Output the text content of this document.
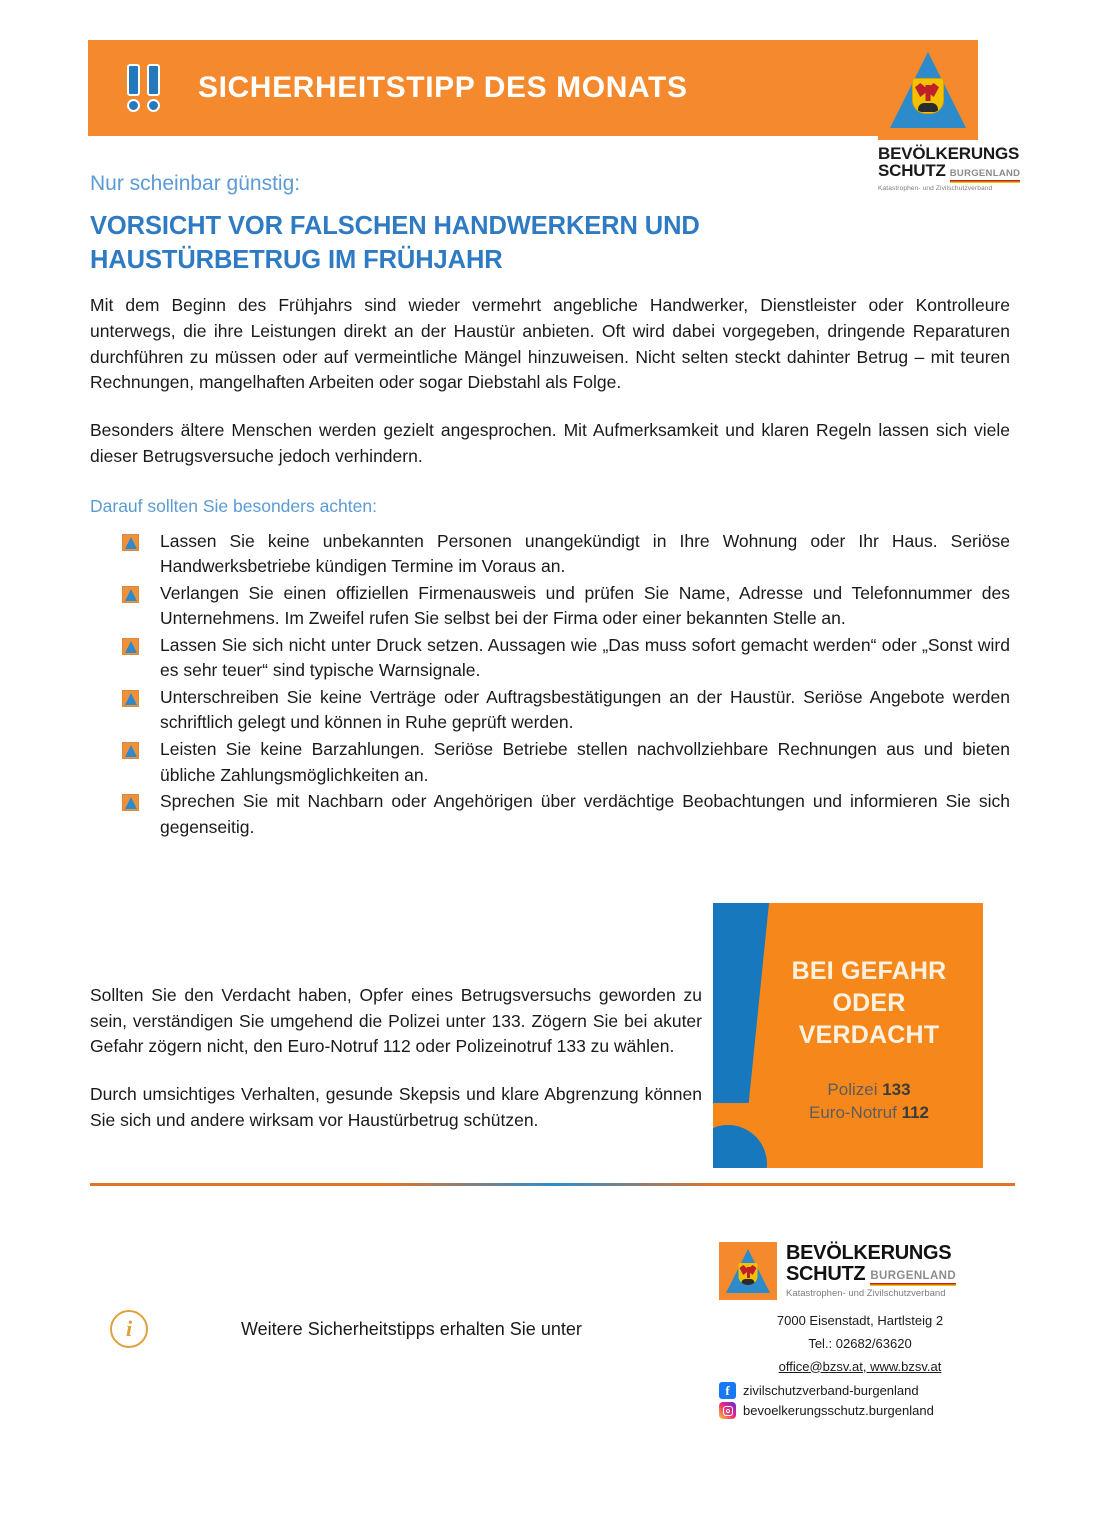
SICHERHEITSTIPP DES MONATS
BEVÖLKERUNGS
SCHUTZ BURGENLAND
Katastrophen- und Zivilschutzverband

Nur scheinbar günstig:

VORSICHT VOR FALSCHEN HANDWERKERN UND
HAUSTÜRBETRUG IM FRÜHJAHR

Mit dem Beginn des Frühjahrs sind wieder vermehrt angebliche Handwerker, Dienstleister oder Kontrolleure unterwegs, die ihre Leistungen direkt an der Haustür anbieten. Oft wird dabei vorgegeben, dringende Reparaturen durchführen zu müssen oder auf vermeintliche Mängel hinzuweisen. Nicht selten steckt dahinter Betrug – mit teuren Rechnungen, mangelhaften Arbeiten oder sogar Diebstahl als Folge.

Besonders ältere Menschen werden gezielt angesprochen. Mit Aufmerksamkeit und klaren Regeln lassen sich viele dieser Betrugsversuche jedoch verhindern.

Darauf sollten Sie besonders achten:

Lassen Sie keine unbekannten Personen unangekündigt in Ihre Wohnung oder Ihr Haus. Seriöse Handwerksbetriebe kündigen Termine im Voraus an.
Verlangen Sie einen offiziellen Firmenausweis und prüfen Sie Name, Adresse und Telefonnummer des Unternehmens. Im Zweifel rufen Sie selbst bei der Firma oder einer bekannten Stelle an.
Lassen Sie sich nicht unter Druck setzen. Aussagen wie „Das muss sofort gemacht werden“ oder „Sonst wird es sehr teuer“ sind typische Warnsignale.
Unterschreiben Sie keine Verträge oder Auftragsbestätigungen an der Haustür. Seriöse Angebote werden schriftlich gelegt und können in Ruhe geprüft werden.
Leisten Sie keine Barzahlungen. Seriöse Betriebe stellen nachvollziehbare Rechnungen aus und bieten übliche Zahlungsmöglichkeiten an.
Sprechen Sie mit Nachbarn oder Angehörigen über verdächtige Beobachtungen und informieren Sie sich gegenseitig.

Sollten Sie den Verdacht haben, Opfer eines Betrugsversuchs geworden zu sein, verständigen Sie umgehend die Polizei unter 133. Zögern Sie bei akuter Gefahr zögern nicht, den Euro-Notruf 112 oder Polizeinotruf 133 zu wählen.

Durch umsichtiges Verhalten, gesunde Skepsis und klare Abgrenzung können Sie sich und andere wirksam vor Haustürbetrug schützen.

BEI GEFAHR
ODER
VERDACHT
Polizei 133
Euro-Notruf 112
i	Weitere Sicherheitstipps erhalten Sie unter
BEVÖLKERUNGS
SCHUTZ BURGENLAND
Katastrophen- und Zivilschutzverband
7000 Eisenstadt, Hartlsteig 2
Tel.: 02682/63620
office@bzsv.at, www.bzsv.at
f	zivilschutzverband-burgenland
bevoelkerungsschutz.burgenland
